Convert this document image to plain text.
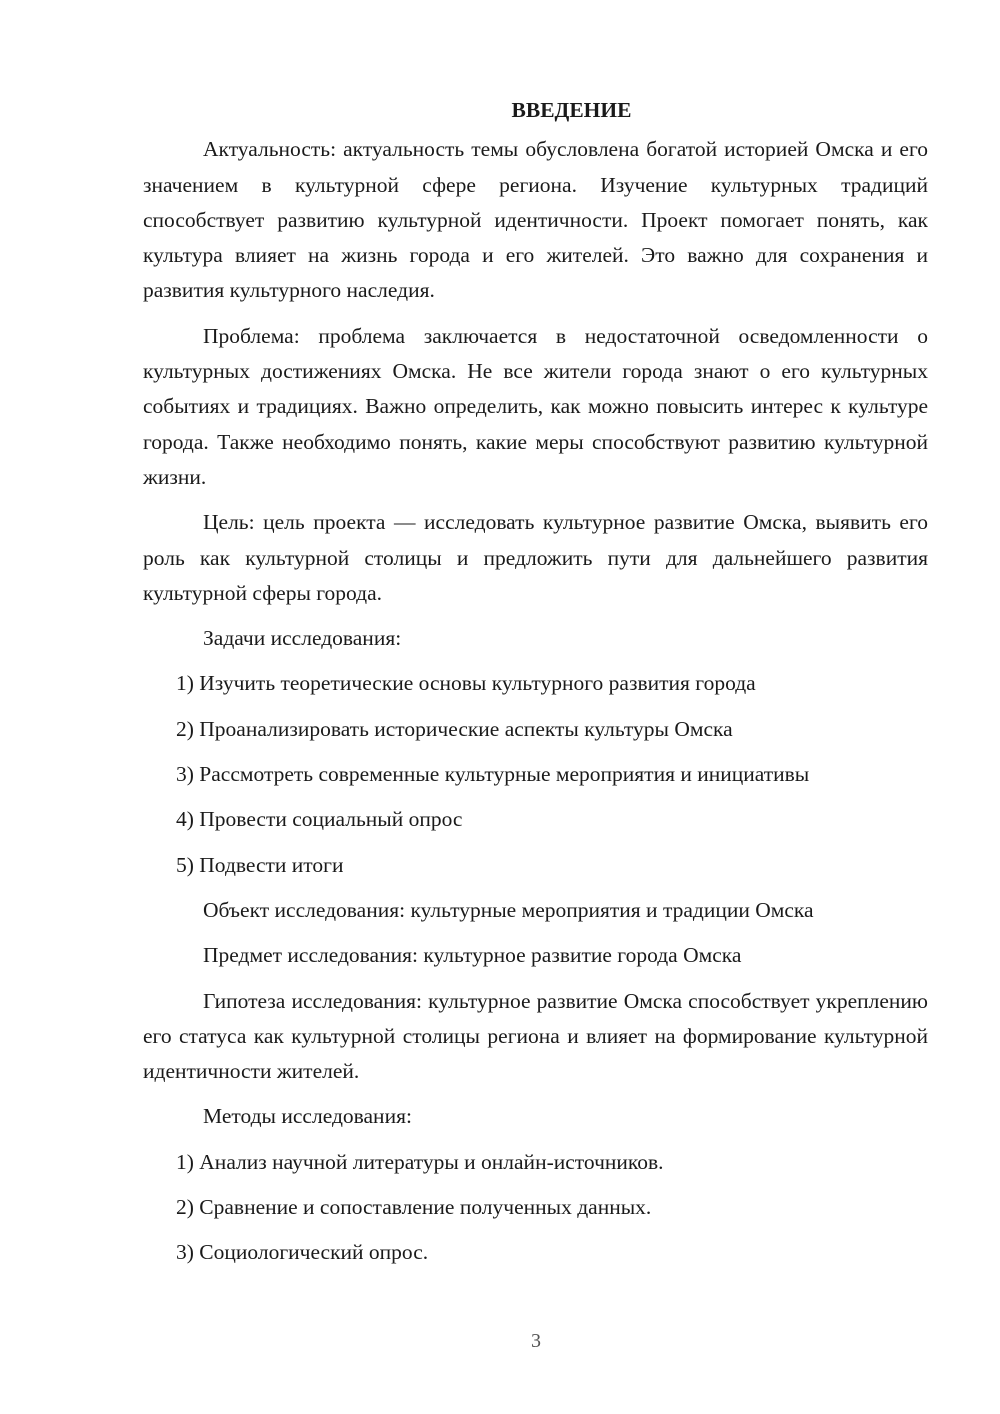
ВВЕДЕНИЕ

Актуальность: актуальность темы обусловлена богатой историей Омска и его значением в культурной сфере региона. Изучение культурных традиций способствует развитию культурной идентичности. Проект помогает понять, как культура влияет на жизнь города и его жителей. Это важно для сохранения и развития культурного наследия.

Проблема: проблема заключается в недостаточной осведомленности о культурных достижениях Омска. Не все жители города знают о его культурных событиях и традициях. Важно определить, как можно повысить интерес к культуре города. Также необходимо понять, какие меры способствуют развитию культурной жизни.

Цель: цель проекта — исследовать культурное развитие Омска, выявить его роль как культурной столицы и предложить пути для дальнейшего развития культурной сферы города.

Задачи исследования:

1) Изучить теоретические основы культурного развития города

2) Проанализировать исторические аспекты культуры Омска

3) Рассмотреть современные культурные мероприятия и инициативы

4) Провести социальный опрос

5) Подвести итоги

Объект исследования: культурные мероприятия и традиции Омска

Предмет исследования: культурное развитие города Омска

Гипотеза исследования: культурное развитие Омска способствует укреплению его статуса как культурной столицы региона и влияет на формирование культурной идентичности жителей.

Методы исследования:

1) Анализ научной литературы и онлайн-источников.

2) Сравнение и сопоставление полученных данных.

3) Социологический опрос.

3
